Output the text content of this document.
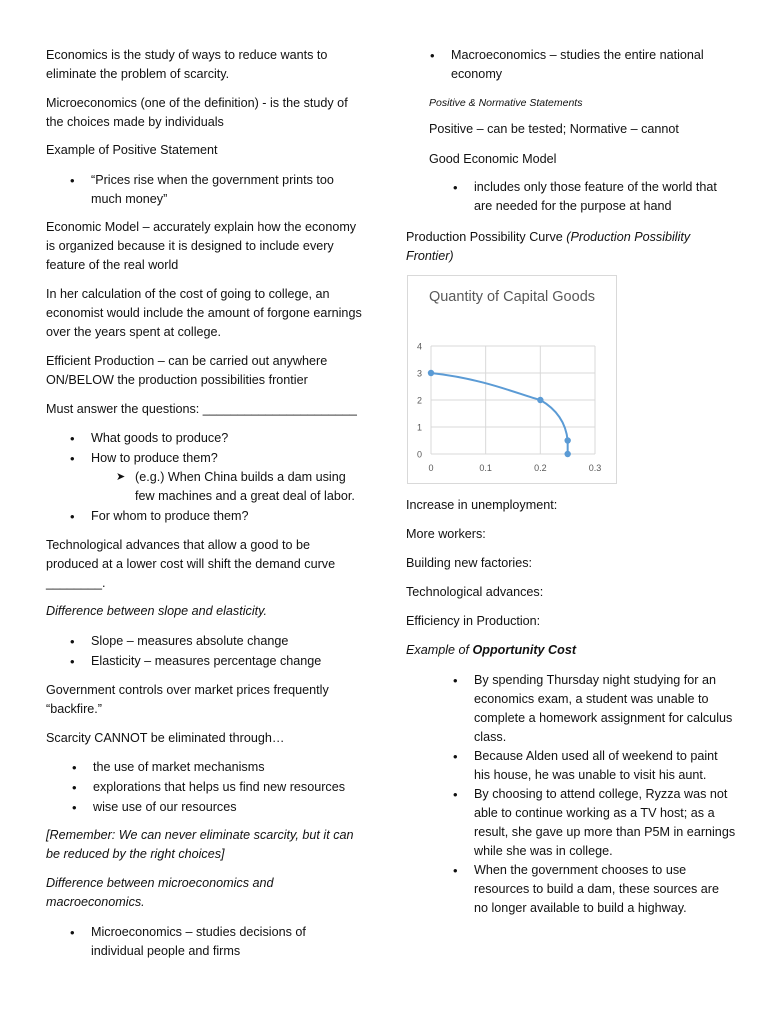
Economics is the study of ways to reduce wants to eliminate the problem of scarcity.

Microeconomics (one of the definition) - is the study of the choices made by individuals

Example of Positive Statement

• “Prices rise when the government prints too much money”

Economic Model – accurately explain how the economy is organized because it is designed to include every feature of the real world

In her calculation of the cost of going to college, an economist would include the amount of forgone earnings over the years spent at college.

Efficient Production – can be carried out anywhere ON/BELOW the production possibilities frontier

Must answer the questions: ______________________

• What goods to produce?

• How to produce them?

➤ (e.g.) When China builds a dam using few machines and a great deal of labor.

• For whom to produce them?

Technological advances that allow a good to be produced at a lower cost will shift the demand curve
________.

Difference between slope and elasticity.

• Slope – measures absolute change

• Elasticity – measures percentage change

Government controls over market prices frequently “backfire.”

Scarcity CANNOT be eliminated through…

• the use of market mechanisms

• explorations that helps us find new resources

• wise use of our resources

[Remember: We can never eliminate scarcity, but it can be reduced by the right choices]

Difference between microeconomics and macroeconomics.

• Microeconomics – studies decisions of individual people and firms

• Macroeconomics – studies the entire national economy

Positive & Normative Statements

Positive – can be tested; Normative – cannot

Good Economic Model

• includes only those feature of the world that are needed for the purpose at hand

Production Possibility Curve (Production Possibility Frontier)

Increase in unemployment:

More workers:

Building new factories:

Technological advances:

Efficiency in Production:

Example of Opportunity Cost

• By spending Thursday night studying for an economics exam, a student was unable to complete a homework assignment for calculus class.

• Because Alden used all of weekend to paint his house, he was unable to visit his aunt.

• By choosing to attend college, Ryzza was not able to continue working as a TV host; as a result, she gave up more than P5M in earnings while she was in college.

• When the government chooses to use resources to build a dam, these sources are no longer available to build a highway.

Quantity of Capital Goods
0
1
2
3
4
0	0.1	0.2	0.3
